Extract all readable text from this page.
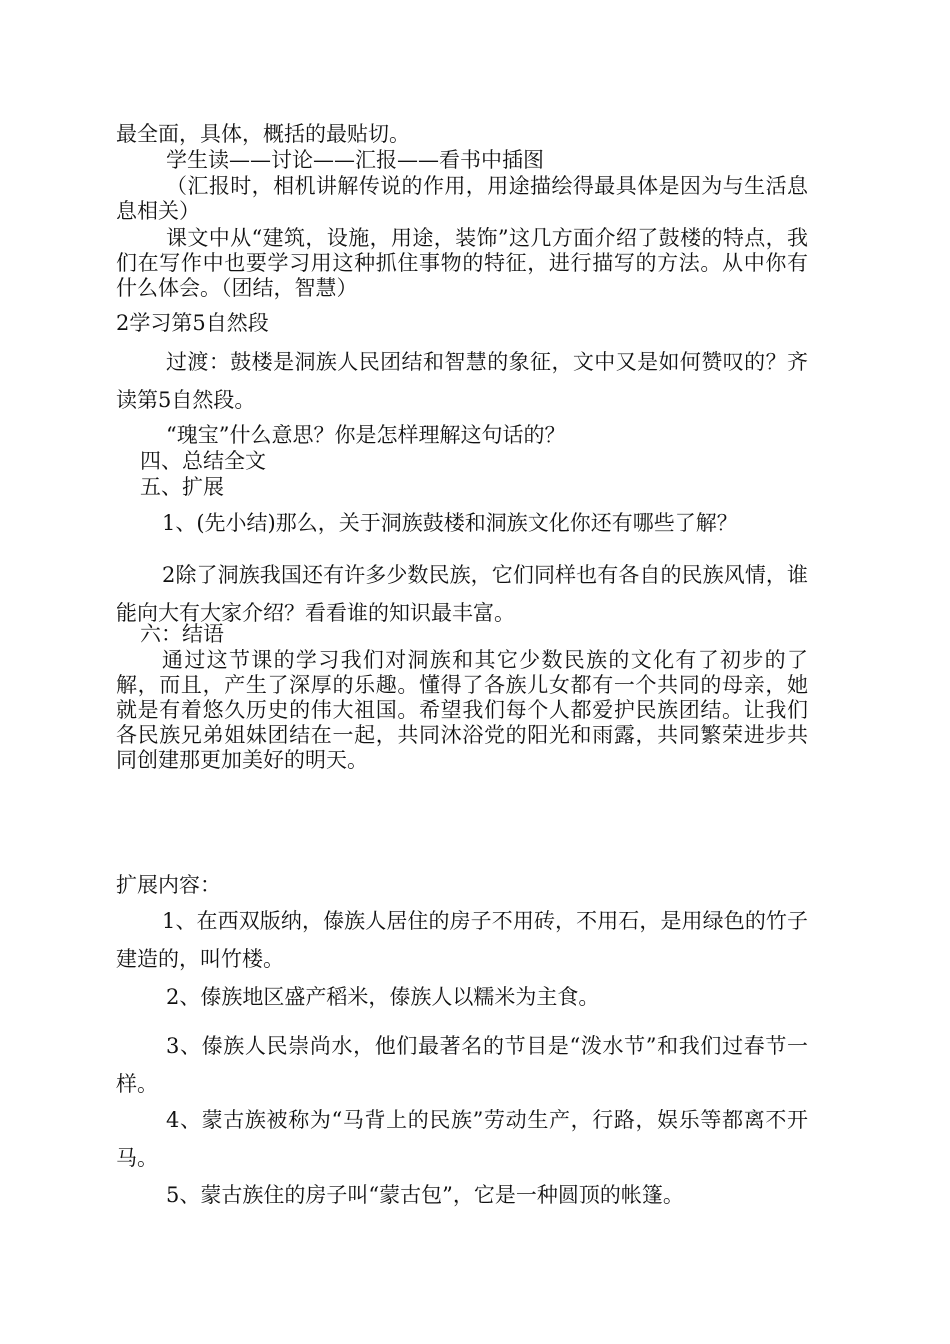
最全面，具体，概括的最贴切。

学生读——讨论——汇报——看书中插图

（汇报时，相机讲解传说的作用，用途描绘得最具体是因为与生活息息相关）

课文中从“建筑，设施，用途，装饰”这几方面介绍了鼓楼的特点，我们在写作中也要学习用这种抓住事物的特征，进行描写的方法。从中你有什么体会。（团结，智慧）

2学习第5自然段

过渡：鼓楼是洞族人民团结和智慧的象征，文中又是如何赞叹的？齐读第5自然段。

“瑰宝”什么意思？你是怎样理解这句话的？

四、总结全文

五、扩展

1、(先小结)那么，关于洞族鼓楼和洞族文化你还有哪些了解？

2除了洞族我国还有许多少数民族，它们同样也有各自的民族风情，谁能向大有大家介绍？看看谁的知识最丰富。

六：结语

通过这节课的学习我们对洞族和其它少数民族的文化有了初步的了解，而且，产生了深厚的乐趣。懂得了各族儿女都有一个共同的母亲，她就是有着悠久历史的伟大祖国。希望我们每个人都爱护民族团结。让我们各民族兄弟姐妹团结在一起，共同沐浴党的阳光和雨露，共同繁荣进步共同创建那更加美好的明天。

扩展内容：

1、在西双版纳，傣族人居住的房子不用砖，不用石，是用绿色的竹子建造的，叫竹楼。

2、傣族地区盛产稻米，傣族人以糯米为主食。

3、傣族人民崇尚水，他们最著名的节目是“泼水节”和我们过春节一样。

4、蒙古族被称为“马背上的民族”劳动生产，行路，娱乐等都离不开马。

5、蒙古族住的房子叫“蒙古包”，它是一种圆顶的帐篷。
